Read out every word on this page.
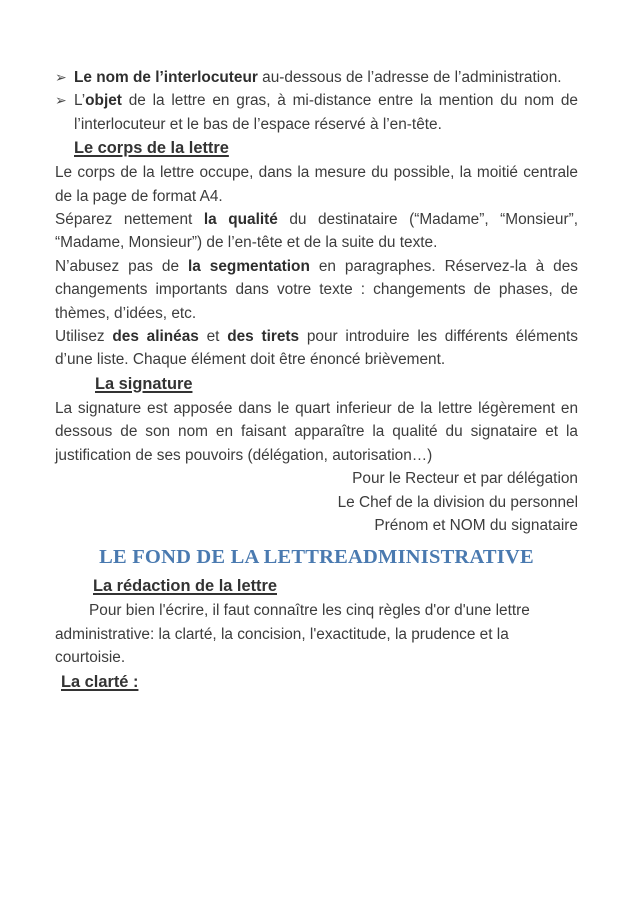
➢ Le nom de l’interlocuteur au-dessous de l’adresse de l’administration.
➢ L’objet de la lettre en gras, à mi-distance entre la mention du nom de l’interlocuteur et le bas de l’espace réservé à l’en-tête.
Le corps de la lettre

Le corps de la lettre occupe, dans la mesure du possible, la moitié centrale de la page de format A4.

Séparez nettement la qualité du destinataire (“Madame”, “Monsieur”, “Madame, Monsieur”) de l’en-tête et de la suite du texte.

N’abusez pas de la segmentation en paragraphes. Réservez-la à des changements importants dans votre texte : changements de phases, de thèmes, d’idées, etc.

Utilisez des alinéas et des tirets pour introduire les différents éléments d’une liste. Chaque élément doit être énoncé brièvement.

La signature

La signature est apposée dans le quart inferieur de la lettre légèrement en dessous de son nom en faisant apparaître la qualité du signataire et la justification de ses pouvoirs (délégation, autorisation…)

Pour le Recteur et par délégation
Le Chef de la division du personnel
Prénom et NOM du signataire
LE FOND DE LA LETTREADMINISTRATIVE
La rédaction de la lettre

Pour bien l'écrire, il faut connaître les cinq règles d'or d'une lettre administrative: la clarté, la concision, l'exactitude, la prudence et la courtoisie.

La clarté :
